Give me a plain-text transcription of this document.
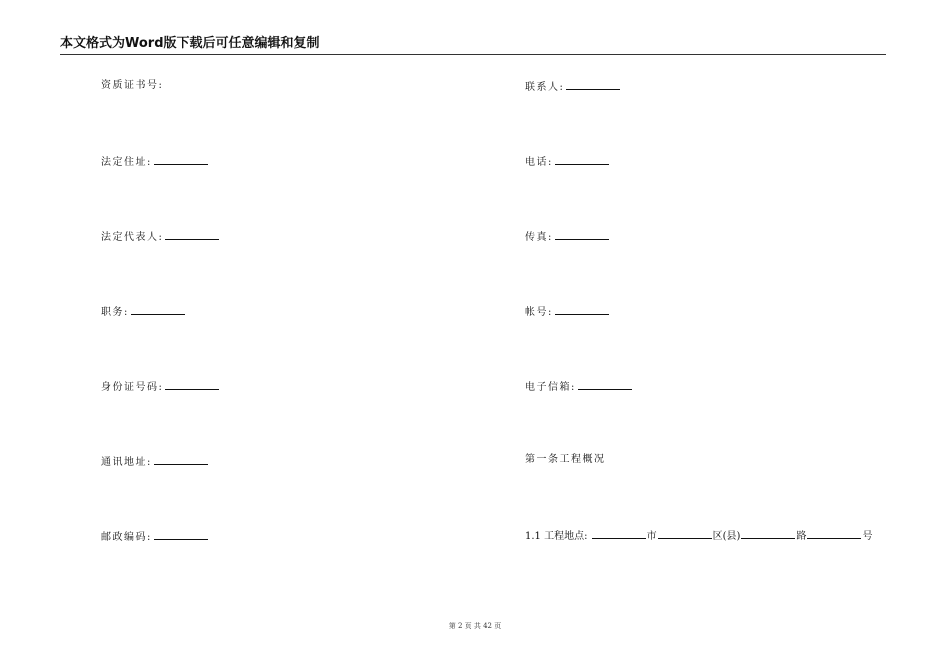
本文格式为Word版下载后可任意编辑和复制
资质证书号:
法定住址:
法定代表人:
职务:
身份证号码:
通讯地址:
邮政编码:
联系人:
电话:
传真:
帐号:
电子信箱:
第一条工程概况
1.1 工程地点:	市	区(县)	路	号
第 2 页 共 42 页
